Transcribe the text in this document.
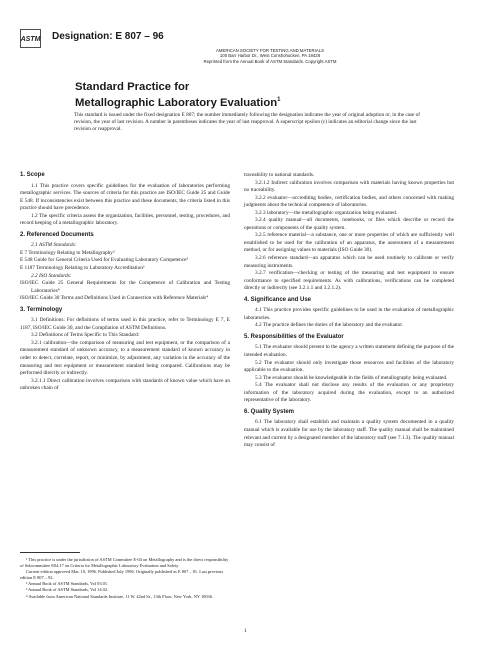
ASTM Designation: E 807 – 96
AMERICAN SOCIETY FOR TESTING AND MATERIALS
100 Barr Harbor Dr., West Conshohocken, PA 19428
Reprinted from the Annual Book of ASTM Standards. Copyright ASTM
Standard Practice for
Metallographic Laboratory Evaluation$^1$
This standard is issued under the fixed designation E 807; the number immediately following the designation indicates the year of original adoption or, in the case of revision, the year of last revision. A number in parentheses indicates the year of last reapproval. A superscript epsilon (ε) indicates an editorial change since the last revision or reapproval.
1. Scope

1.1 This practice covers specific guidelines for the evaluation of laboratories performing metallographic services. The sources of criteria for this practice are ISO/IEC Guide 25 and Guide E 548. If inconsistencies exist between this practice and these documents, the criteria listed in this practice should have precedence.

1.2 The specific criteria assess the organization, facilities, personnel, testing, procedures, and record keeping of a metallographic laboratory.

2. Referenced Documents

2.1 ASTM Standards:

E 7 Terminology Relating to Metallography²

E 548 Guide for General Criteria Used for Evaluating Laboratory Competence³

E 1187 Terminology Relating to Laboratory Accreditation³

2.2 ISO Standards:

ISO/IEC Guide 25 General Requirements for the Competence of Calibration and Testing Laboratories⁴

ISO/IEC Guide 30 Terms and Definitions Used in Connection with Reference Materials⁴

3. Terminology

3.1 Definitions: For definitions of terms used in this practice, refer to Terminology E 7, E 1187, ISO/IEC Guide 30, and the Compilation of ASTM Definitions.

3.2 Definitions of Terms Specific to This Standard:

3.2.1 calibration—the comparison of measuring and test equipment, or the comparison of a measurement standard of unknown accuracy, to a measurement standard of known accuracy in order to detect, correlate, report, or minimize, by adjustment, any variation in the accuracy of the measuring and test equipment or measurement standard being compared. Calibrations may be performed directly or indirectly.

3.2.1.1 Direct calibration involves comparison with standards of known value which have an unbroken chain of

¹ This practice is under the jurisdiction of ASTM Committee E-04 on Metallography and is the direct responsibility of Subcommittee E04.17 on Criteria for Metallographic Laboratory Evaluation and Safety.

Current edition approved Mar. 10, 1996. Published July 1996. Originally published as E 807 – 81. Last previous edition E 807 – 92.

² Annual Book of ASTM Standards, Vol 03.01.

³ Annual Book of ASTM Standards, Vol 14.02.

⁴ Available from American National Standards Institute, 11 W. 42nd St., 13th Floor, New York, NY 10036.

traceability to national standards.

3.2.1.2 Indirect calibration involves comparison with materials having known properties but no traceability.

3.2.2 evaluator—accrediting bodies, certification bodies, and others concerned with making judgments about the technical competence of laboratories.

3.2.3 laboratory—the metallographic organization being evaluated.

3.2.4 quality manual—all documents, notebooks, or files which describe or record the operations or components of the quality system.

3.2.5 reference material—a substance, one or more properties of which are sufficiently well established to be used for the calibration of an apparatus, the assessment of a measurement method, or for assigning values to materials (ISO Guide 30).

3.2.6 reference standard—an apparatus which can be used routinely to calibrate or verify measuring instruments.

3.2.7 verification—checking or testing of the measuring and test equipment to ensure conformance to specified requirements. As with calibrations, verifications can be completed directly or indirectly (see 3.2.1.1 and 3.2.1.2).

4. Significance and Use

4.1 This practice provides specific guidelines to be used in the evaluation of metallographic laboratories.

4.2 The practice defines the duties of the laboratory and the evaluator.

5. Responsibilities of the Evaluator

5.1 The evaluator should present to the agency a written statement defining the purpose of the intended evaluation.

5.2 The evaluator should only investigate those resources and facilities of the laboratory applicable to the evaluation.

5.3 The evaluator should be knowledgeable in the fields of metallography being evaluated.

5.4 The evaluator shall not disclose any results of the evaluation or any proprietary information of the laboratory acquired during the evaluation, except to an authorized representative of the laboratory.

6. Quality System

6.1 The laboratory shall establish and maintain a quality system documented in a quality manual which is available for use by the laboratory staff. The quality manual shall be maintained relevant and current by a designated member of the laboratory staff (see 7.1.3). The quality manual may consist of

1
